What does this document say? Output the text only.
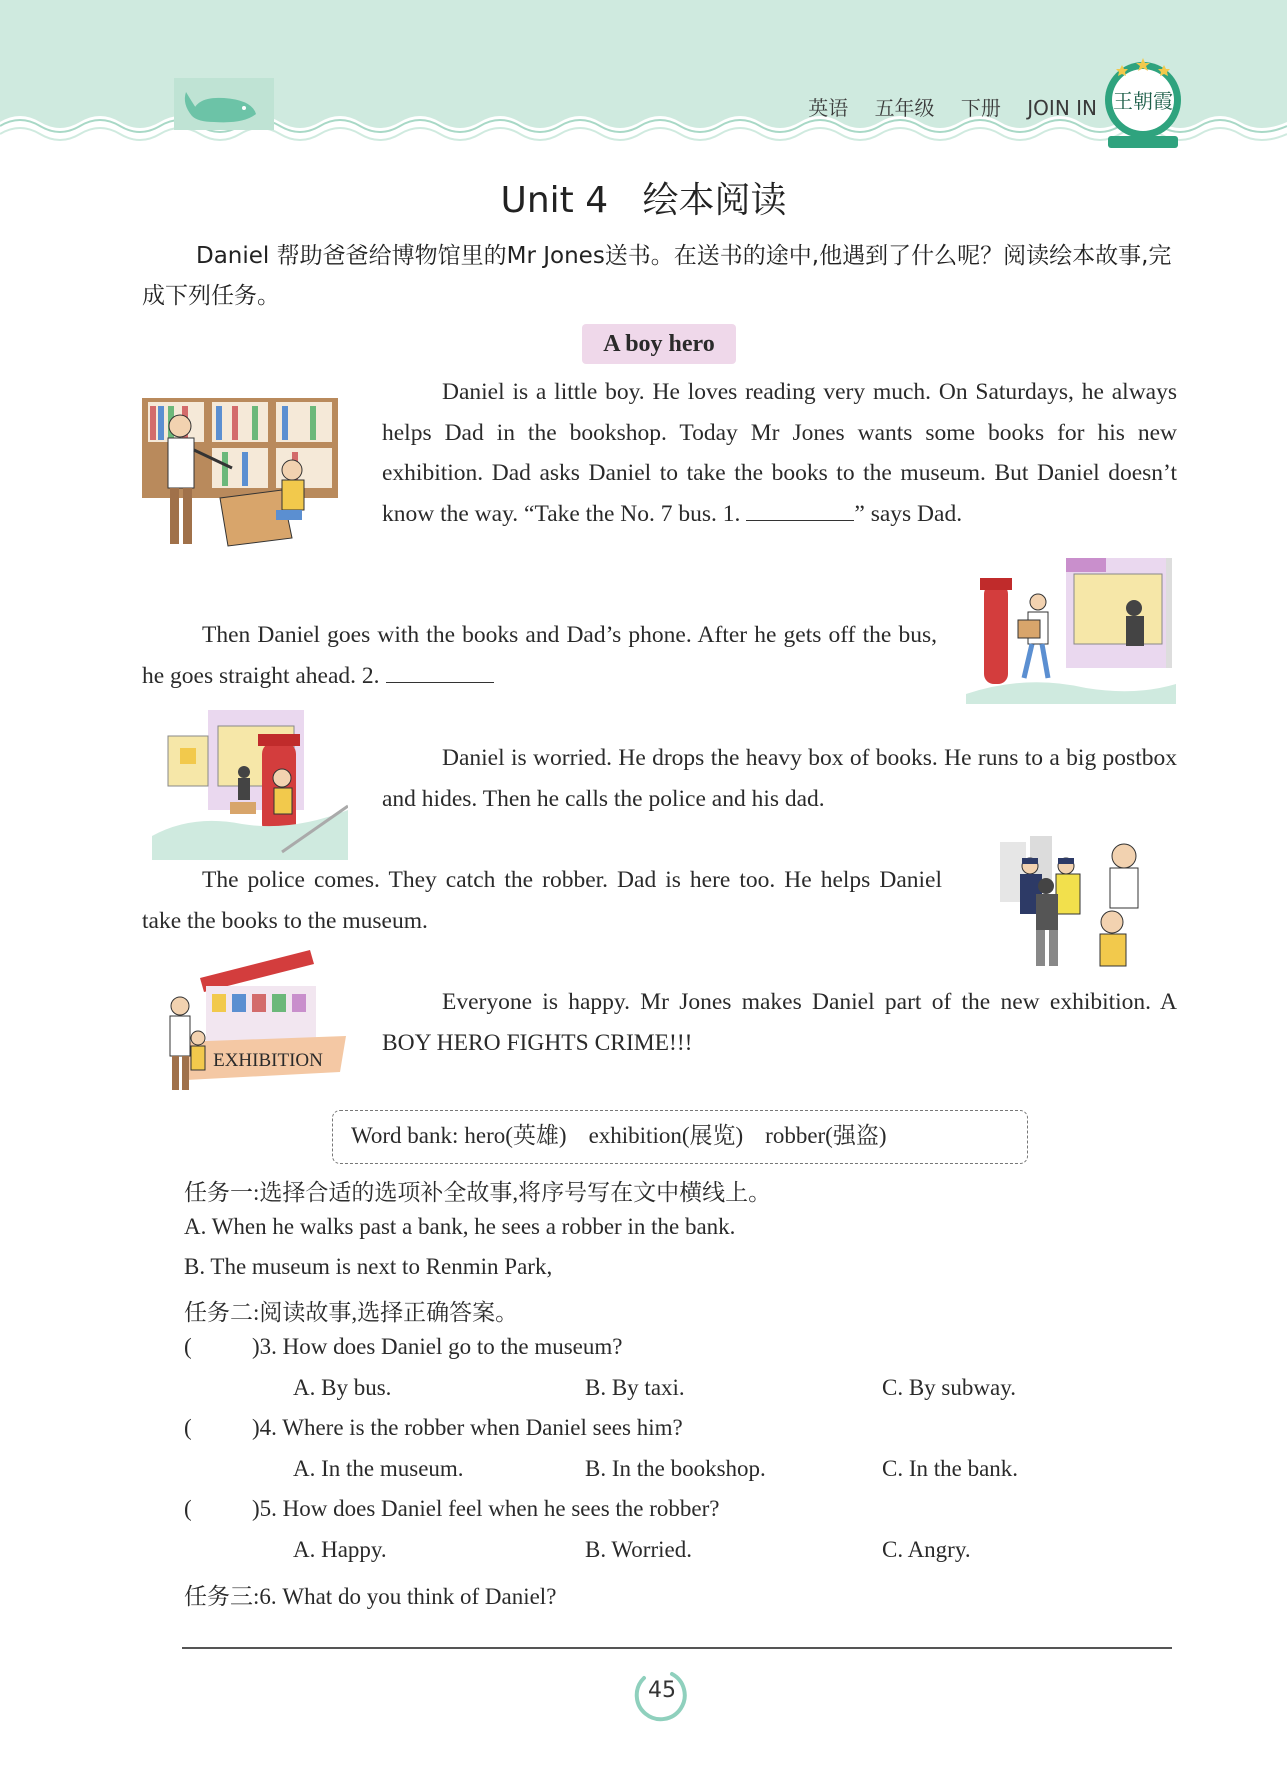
英语 五年级 下册 JOIN IN 王朝霞
Unit 4   绘本阅读
Daniel 帮助爸爸给博物馆里的Mr Jones送书。在送书的途中,他遇到了什么呢？阅读绘本故事,完成下列任务。
A boy hero
Daniel is a little boy. He loves reading very much. On Saturdays, he always helps Dad in the bookshop. Today Mr Jones wants some books for his new exhibition. Dad asks Daniel to take the books to the museum. But Daniel doesn’t know the way. “Take the No. 7 bus. 1.	” says Dad.
Then Daniel goes with the books and Dad’s phone. After he gets off the bus, he goes straight ahead. 2.
Daniel is worried. He drops the heavy box of books. He runs to a big postbox and hides. Then he calls the police and his dad.
The police comes. They catch the robber. Dad is here too. He helps Daniel take the books to the museum.
EXHIBITION
Everyone is happy. Mr Jones makes Daniel part of the new exhibition. A BOY HERO FIGHTS CRIME!!!
Word bank: hero(英雄) exhibition(展览) robber(强盗)
任务一:选择合适的选项补全故事,将序号写在文中横线上。
A. When he walks past a bank, he sees a robber in the bank.
B. The museum is next to Renmin Park,
任务二:阅读故事,选择正确答案。
(	)3. How does Daniel go to the museum?
A. By bus.	B. By taxi.	C. By subway.
(	)4. Where is the robber when Daniel sees him?
A. In the museum.	B. In the bookshop.	C. In the bank.
(	)5. How does Daniel feel when he sees the robber?
A. Happy.	B. Worried.	C. Angry.
任务三:6. What do you think of Daniel?
45
